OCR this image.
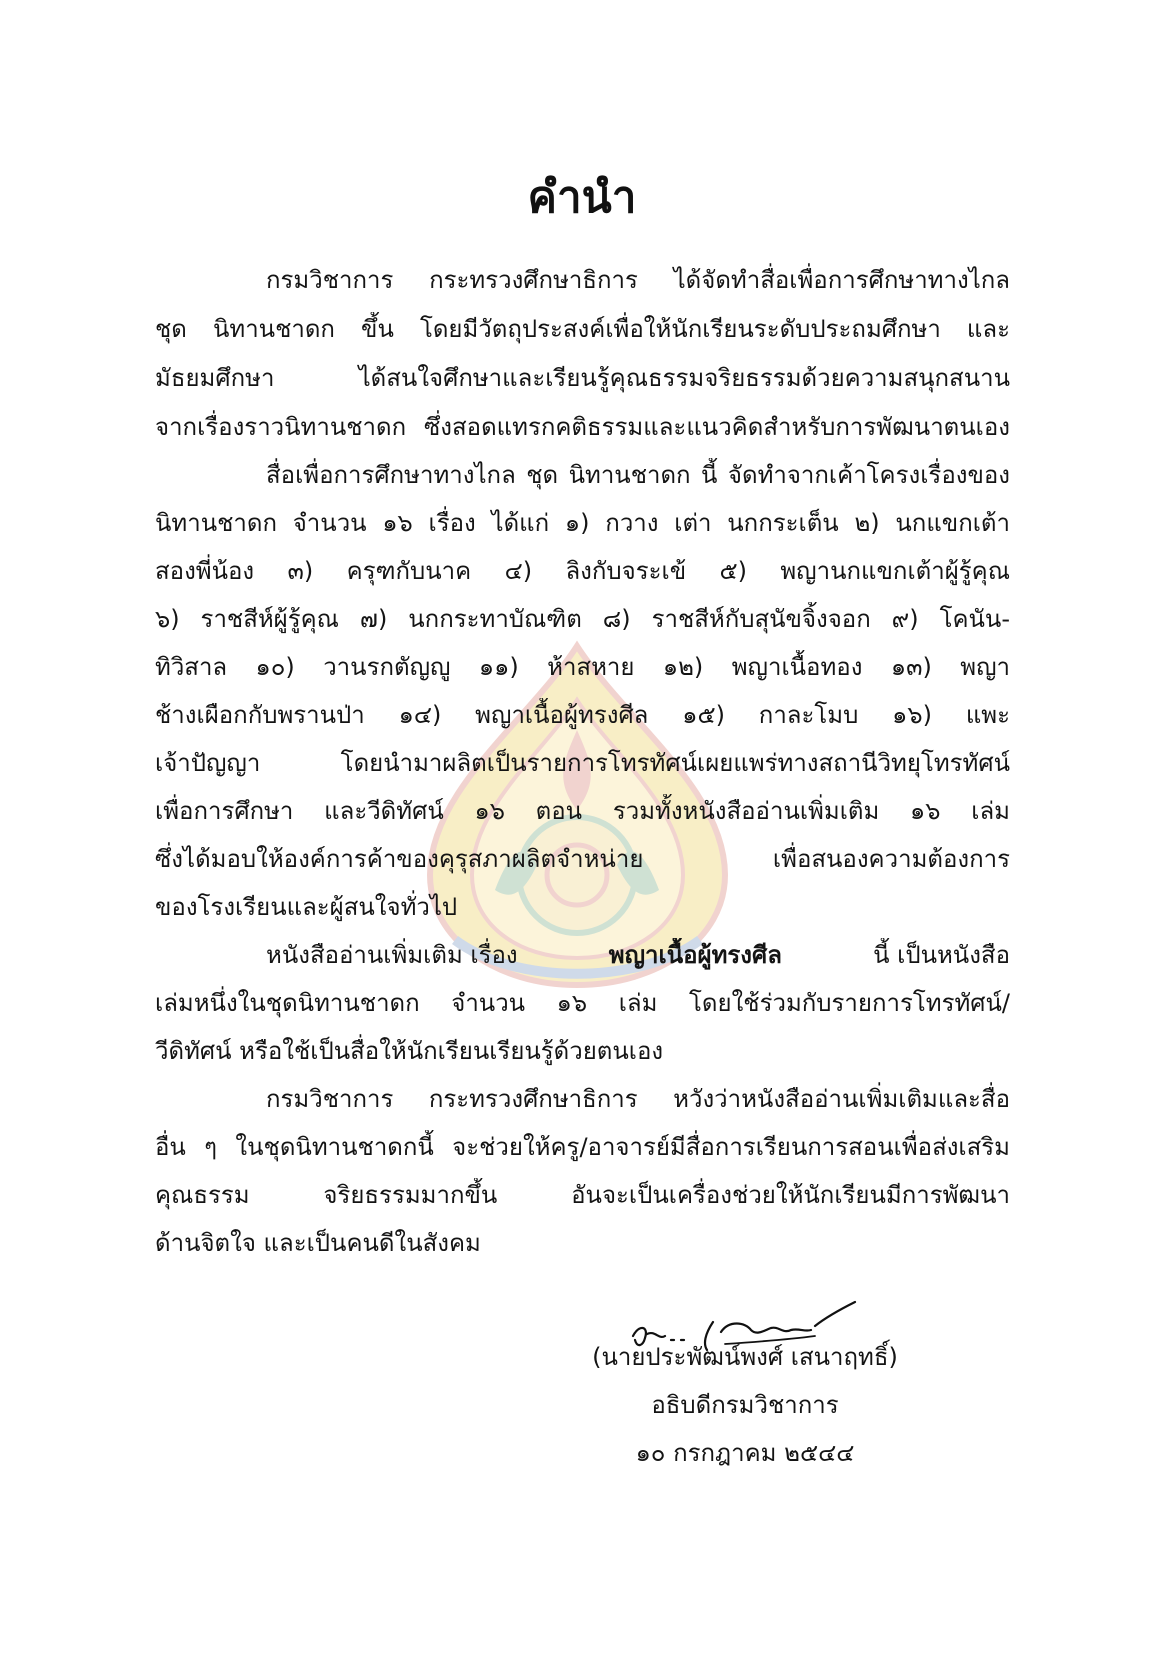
คำนำ
กรมวิชาการ กระทรวงศึกษาธิการ ได้จัดทำสื่อเพื่อการศึกษาทางไกล
ชุด นิทานชาดก ขึ้น โดยมีวัตถุประสงค์เพื่อให้นักเรียนระดับประถมศึกษา และ
มัธยมศึกษา ได้สนใจศึกษาและเรียนรู้คุณธรรมจริยธรรมด้วยความสนุกสนาน
จากเรื่องราวนิทานชาดก ซึ่งสอดแทรกคติธรรมและแนวคิดสำหรับการพัฒนาตนเอง
สื่อเพื่อการศึกษาทางไกล ชุด นิทานชาดก นี้ จัดทำจากเค้าโครงเรื่องของ
นิทานชาดก จำนวน ๑๖ เรื่อง ได้แก่ ๑) กวาง เต่า นกกระเต็น ๒) นกแขกเต้า
สองพี่น้อง ๓) ครุฑกับนาค ๔) ลิงกับจระเข้ ๕) พญานกแขกเต้าผู้รู้คุณ
๖) ราชสีห์ผู้รู้คุณ ๗) นกกระทาบัณฑิต ๘) ราชสีห์กับสุนัขจิ้งจอก ๙) โคนัน-
ทิวิสาล ๑๐) วานรกตัญญู ๑๑) ห้าสหาย ๑๒) พญาเนื้อทอง ๑๓) พญา
ช้างเผือกกับพรานป่า ๑๔) พญาเนื้อผู้ทรงศีล ๑๕) กาละโมบ ๑๖) แพะ
เจ้าปัญญา โดยนำมาผลิตเป็นรายการโทรทัศน์เผยแพร่ทางสถานีวิทยุโทรทัศน์
เพื่อการศึกษา และวีดิทัศน์ ๑๖ ตอน รวมทั้งหนังสืออ่านเพิ่มเติม ๑๖ เล่ม
ซึ่งได้มอบให้องค์การค้าของคุรุสภาผลิตจำหน่าย เพื่อสนองความต้องการ
ของโรงเรียนและผู้สนใจทั่วไป
หนังสืออ่านเพิ่มเติม เรื่อง	พญาเนื้อผู้ทรงศีล	นี้ เป็นหนังสือ
เล่มหนึ่งในชุดนิทานชาดก จำนวน ๑๖ เล่ม โดยใช้ร่วมกับรายการโทรทัศน์/
วีดิทัศน์ หรือใช้เป็นสื่อให้นักเรียนเรียนรู้ด้วยตนเอง
กรมวิชาการ กระทรวงศึกษาธิการ หวังว่าหนังสืออ่านเพิ่มเติมและสื่อ
อื่น ๆ ในชุดนิทานชาดกนี้ จะช่วยให้ครู/อาจารย์มีสื่อการเรียนการสอนเพื่อส่งเสริม
คุณธรรม จริยธรรมมากขึ้น อันจะเป็นเครื่องช่วยให้นักเรียนมีการพัฒนา
ด้านจิตใจ และเป็นคนดีในสังคม
(นายประพัฒน์พงศ์ เสนาฤทธิ์)
อธิบดีกรมวิชาการ
๑๐ กรกฎาคม ๒๕๔๔
